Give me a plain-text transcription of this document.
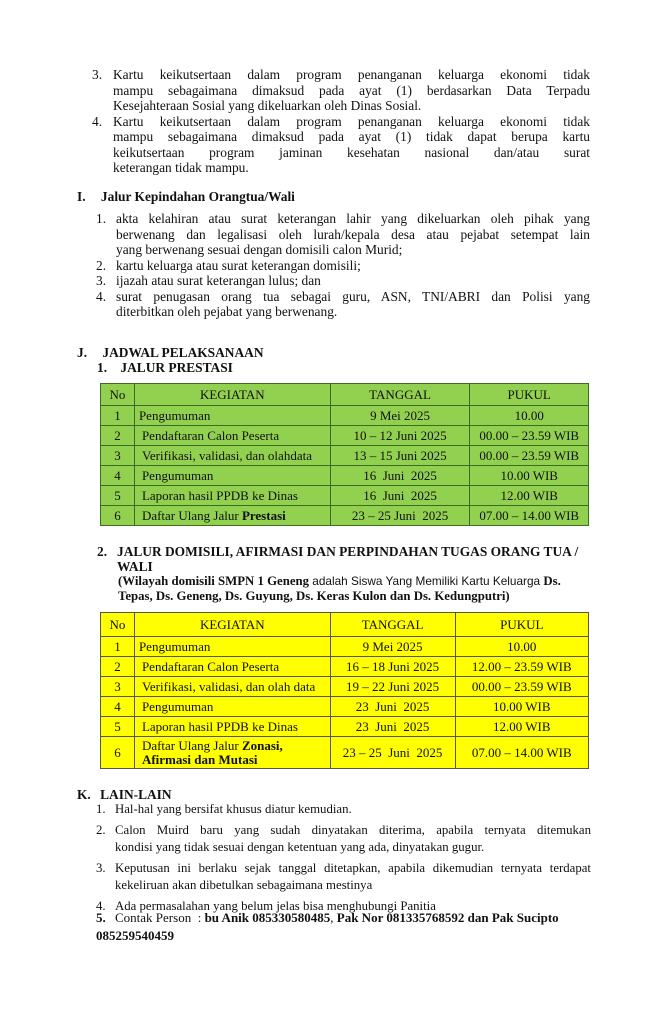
3. Kartu keikutsertaan dalam program penanganan keluarga ekonomi tidak
mampu sebagaimana dimaksud pada ayat (1) berdasarkan Data Terpadu
Kesejahteraan Sosial yang dikeluarkan oleh Dinas Sosial.
4. Kartu keikutsertaan dalam program penanganan keluarga ekonomi tidak
mampu sebagaimana dimaksud pada ayat (1) tidak dapat berupa kartu
keikutsertaan program jaminan kesehatan nasional dan/atau surat
keterangan tidak mampu.
I. Jalur Kepindahan Orangtua/Wali
1. akta kelahiran atau surat keterangan lahir yang dikeluarkan oleh pihak yang
berwenang dan legalisasi oleh lurah/kepala desa atau pejabat setempat lain
yang berwenang sesuai dengan domisili calon Murid;
2. kartu keluarga atau surat keterangan domisili;
3. ijazah atau surat keterangan lulus; dan
4. surat penugasan orang tua sebagai guru, ASN, TNI/ABRI dan Polisi yang
diterbitkan oleh pejabat yang berwenang.
J. JADWAL PELAKSANAAN
1. JALUR PRESTASI
No	KEGIATAN	TANGGAL	PUKUL
1	Pengumuman	9 Mei 2025	10.00
2	Pendaftaran Calon Peserta	10 – 12 Juni 2025	00.00 – 23.59 WIB
3	Verifikasi, validasi, dan olahdata	13 – 15 Juni 2025	00.00 – 23.59 WIB
4	Pengumuman	16  Juni  2025	10.00 WIB
5	Laporan hasil PPDB ke Dinas	16  Juni  2025	12.00 WIB
6	Daftar Ulang Jalur Prestasi	23 – 25 Juni  2025	07.00 – 14.00 WIB
2. JALUR DOMISILI, AFIRMASI DAN PERPINDAHAN TUGAS ORANG TUA /
WALI
(Wilayah domisili SMPN 1 Geneng adalah Siswa Yang Memiliki Kartu Keluarga Ds.
Tepas, Ds. Geneng, Ds. Guyung, Ds. Keras Kulon dan Ds. Kedungputri)
No	KEGIATAN	TANGGAL	PUKUL
1	Pengumuman	9 Mei 2025	10.00
2	Pendaftaran Calon Peserta	16 – 18 Juni 2025	12.00 – 23.59 WIB
3	Verifikasi, validasi, dan olah data	19 – 22 Juni 2025	00.00 – 23.59 WIB
4	Pengumuman	23  Juni  2025	10.00 WIB
5	Laporan hasil PPDB ke Dinas	23  Juni  2025	12.00 WIB
6	Daftar Ulang Jalur Zonasi,
Afirmasi dan Mutasi	23 – 25  Juni  2025	07.00 – 14.00 WIB
K. LAIN-LAIN
1. Hal-hal yang bersifat khusus diatur kemudian.
2. Calon Muird baru yang sudah dinyatakan diterima, apabila ternyata ditemukan
kondisi yang tidak sesuai dengan ketentuan yang ada, dinyatakan gugur.
3. Keputusan ini berlaku sejak tanggal ditetapkan, apabila dikemudian ternyata terdapat
kekeliruan akan dibetulkan sebagaimana mestinya
4. Ada permasalahan yang belum jelas bisa menghubungi Panitia
5. Contak Person  : bu Anik 085330580485, Pak Nor 081335768592 dan Pak Sucipto
085259540459
